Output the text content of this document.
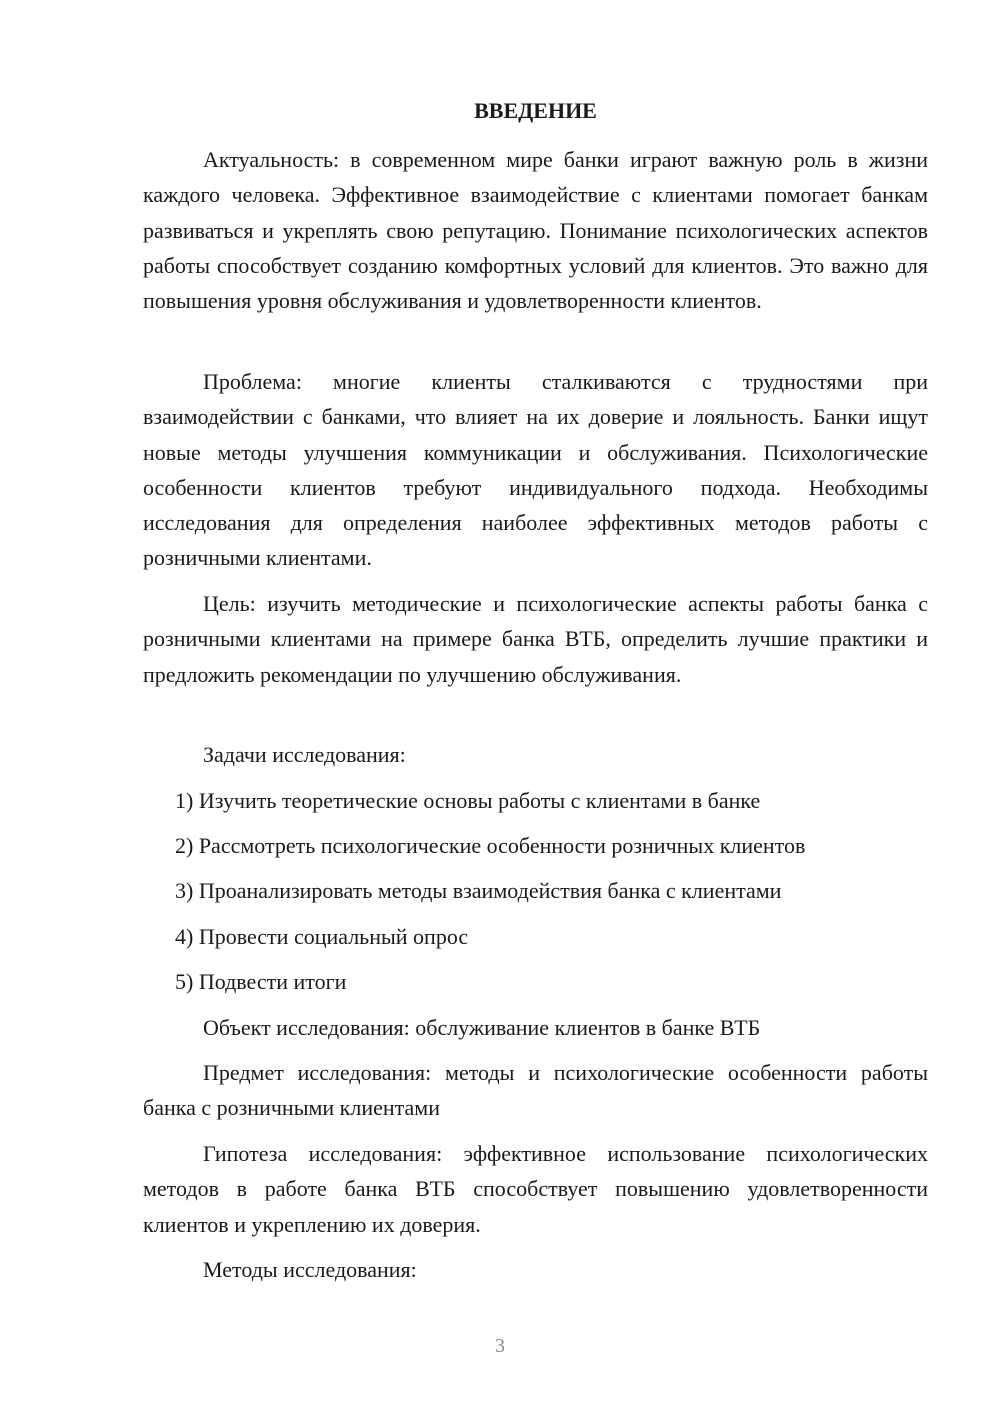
ВВЕДЕНИЕ

Актуальность: в современном мире банки играют важную роль в жизни каждого человека. Эффективное взаимодействие с клиентами помогает банкам развиваться и укреплять свою репутацию. Понимание психологических аспектов работы способствует созданию комфортных условий для клиентов. Это важно для повышения уровня обслуживания и удовлетворенности клиентов.

Проблема: многие клиенты сталкиваются с трудностями при взаимодействии с банками, что влияет на их доверие и лояльность. Банки ищут новые методы улучшения коммуникации и обслуживания. Психологические особенности клиентов требуют индивидуального подхода. Необходимы исследования для определения наиболее эффективных методов работы с розничными клиентами.

Цель: изучить методические и психологические аспекты работы банка с розничными клиентами на примере банка ВТБ, определить лучшие практики и предложить рекомендации по улучшению обслуживания.

Задачи исследования:

1) Изучить теоретические основы работы с клиентами в банке

2) Рассмотреть психологические особенности розничных клиентов

3) Проанализировать методы взаимодействия банка с клиентами

4) Провести социальный опрос

5) Подвести итоги

Объект исследования: обслуживание клиентов в банке ВТБ

Предмет исследования: методы и психологические особенности работы банка с розничными клиентами

Гипотеза исследования: эффективное использование психологических методов в работе банка ВТБ способствует повышению удовлетворенности клиентов и укреплению их доверия.

Методы исследования:

3
